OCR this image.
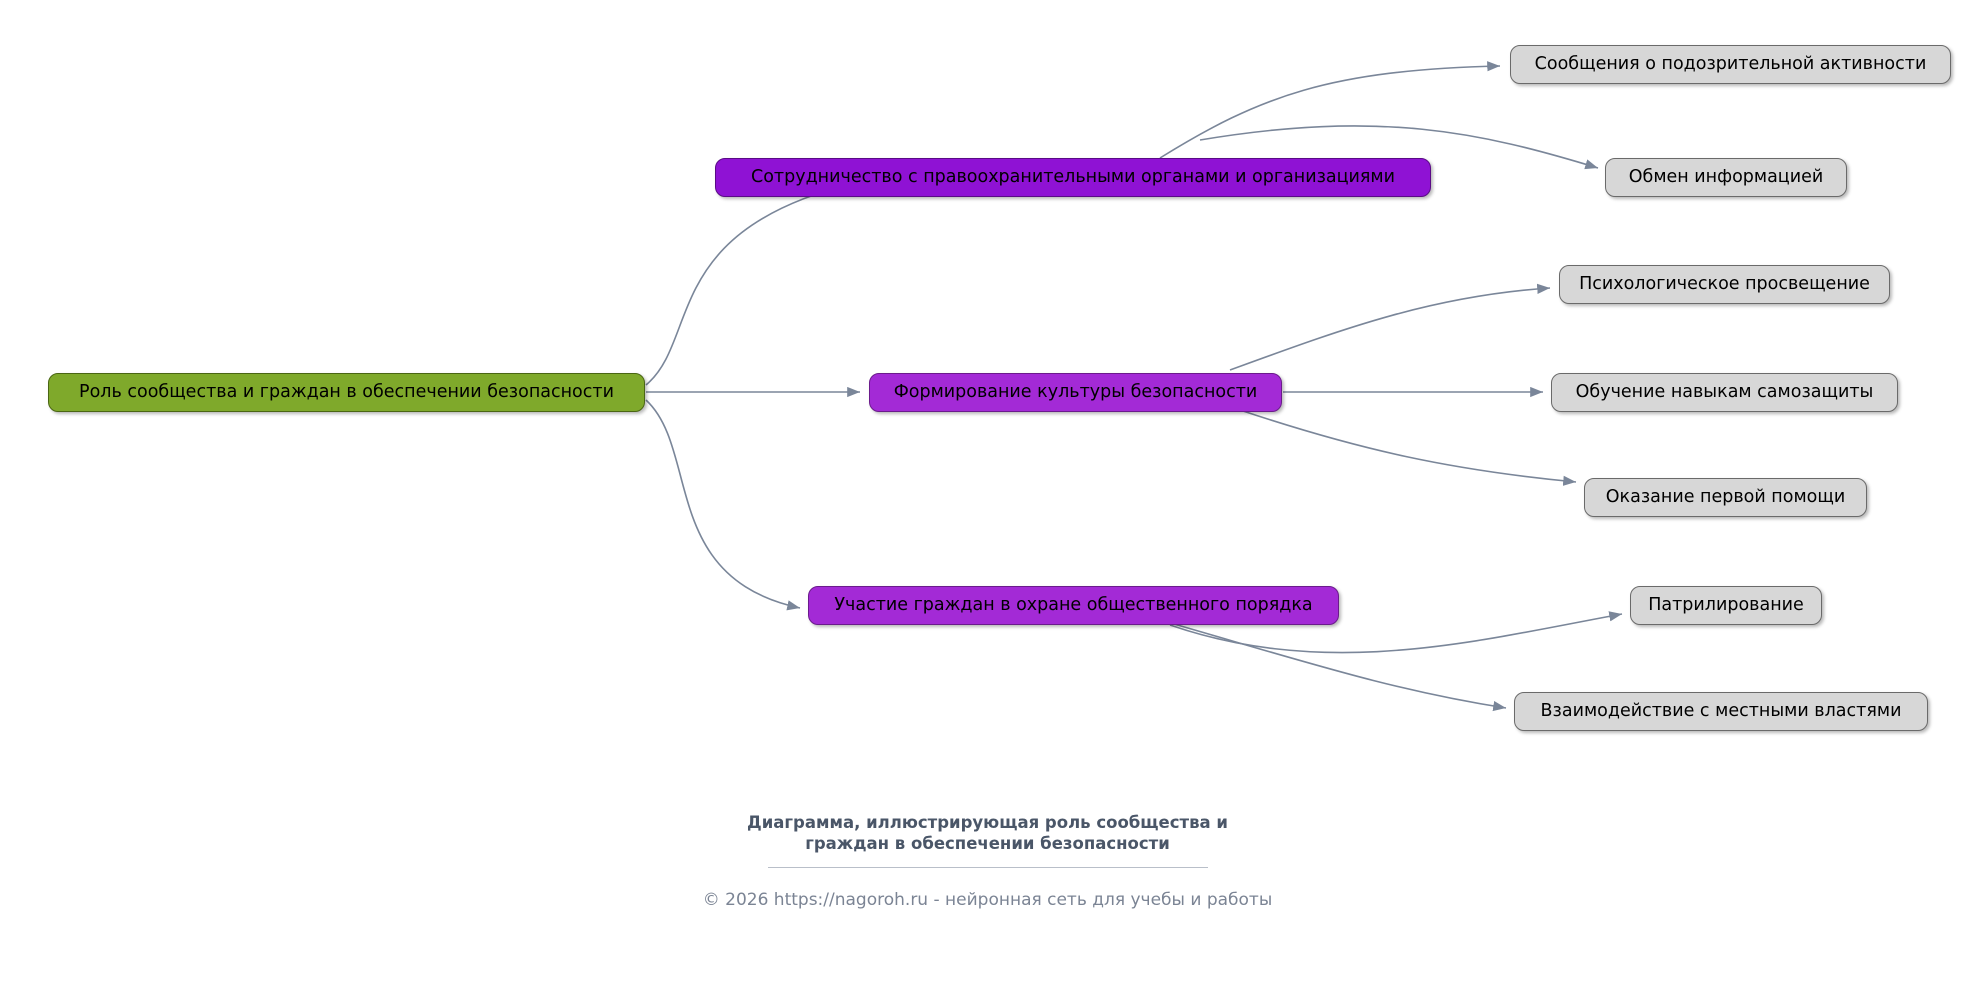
Роль сообщества и граждан в обеспечении безопасности
Сотрудничество с правоохранительными органами и организациями
Сообщения о подозрительной активности
Обмен информацией
Формирование культуры безопасности
Психологическое просвещение
Обучение навыкам самозащиты
Оказание первой помощи
Участие граждан в охране общественного порядка	Патрилирование
Взаимодействие с местными властями
Диаграмма, иллюстрирующая роль сообщества и
граждан в обеспечении безопасности
© 2026 https://nagoroh.ru - нейронная сеть для учебы и работы
